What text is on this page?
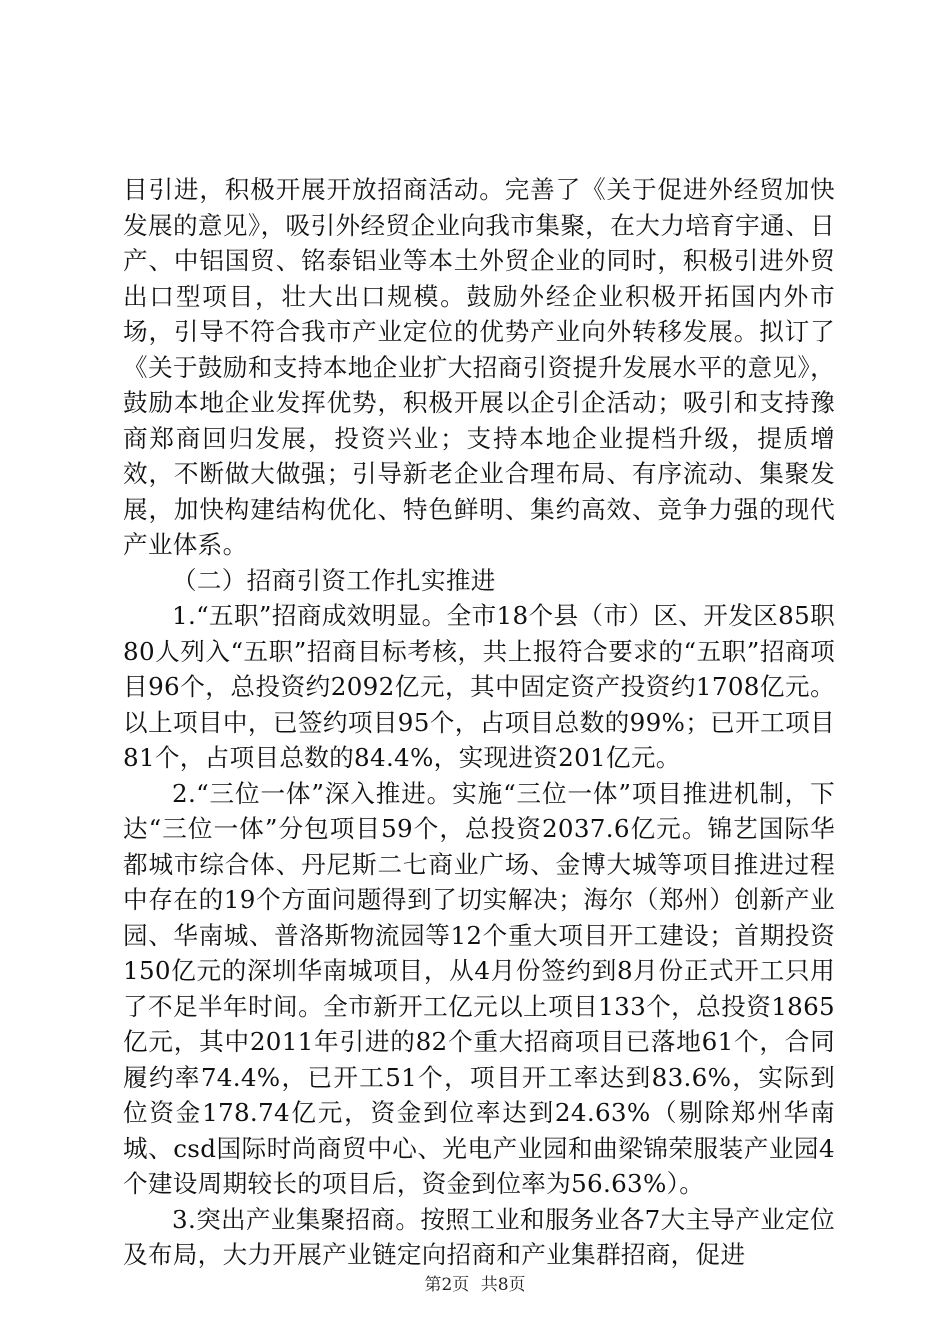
目引进，积极开展开放招商活动。完善了《关于促进外经贸加快发展的意见》，吸引外经贸企业向我市集聚，在大力培育宇通、日产、中铝国贸、铭泰铝业等本土外贸企业的同时，积极引进外贸出口型项目，壮大出口规模。鼓励外经企业积极开拓国内外市场，引导不符合我市产业定位的优势产业向外转移发展。拟订了《关于鼓励和支持本地企业扩大招商引资提升发展水平的意见》，鼓励本地企业发挥优势，积极开展以企引企活动；吸引和支持豫商郑商回归发展，投资兴业；支持本地企业提档升级，提质增效，不断做大做强；引导新老企业合理布局、有序流动、集聚发展，加快构建结构优化、特色鲜明、集约高效、竞争力强的现代产业体系。

（二）招商引资工作扎实推进

1.“五职”招商成效明显。全市18个县（市）区、开发区85职80人列入“五职”招商目标考核，共上报符合要求的“五职”招商项目96个，总投资约2092亿元，其中固定资产投资约1708亿元。以上项目中，已签约项目95个，占项目总数的99%；已开工项目81个，占项目总数的84.4%，实现进资201亿元。

2.“三位一体”深入推进。实施“三位一体”项目推进机制，下达“三位一体”分包项目59个，总投资2037.6亿元。锦艺国际华都城市综合体、丹尼斯二七商业广场、金博大城等项目推进过程中存在的19个方面问题得到了切实解决；海尔（郑州）创新产业园、华南城、普洛斯物流园等12个重大项目开工建设；首期投资150亿元的深圳华南城项目，从4月份签约到8月份正式开工只用了不足半年时间。全市新开工亿元以上项目133个，总投资1865亿元，其中2011年引进的82个重大招商项目已落地61个，合同履约率74.4%，已开工51个，项目开工率达到83.6%，实际到位资金178.74亿元，资金到位率达到24.63%（剔除郑州华南城、csd国际时尚商贸中心、光电产业园和曲梁锦荣服装产业园4个建设周期较长的项目后，资金到位率为56.63%）。

3.突出产业集聚招商。按照工业和服务业各7大主导产业定位及布局，大力开展产业链定向招商和产业集群招商，促进

第2页 共8页
